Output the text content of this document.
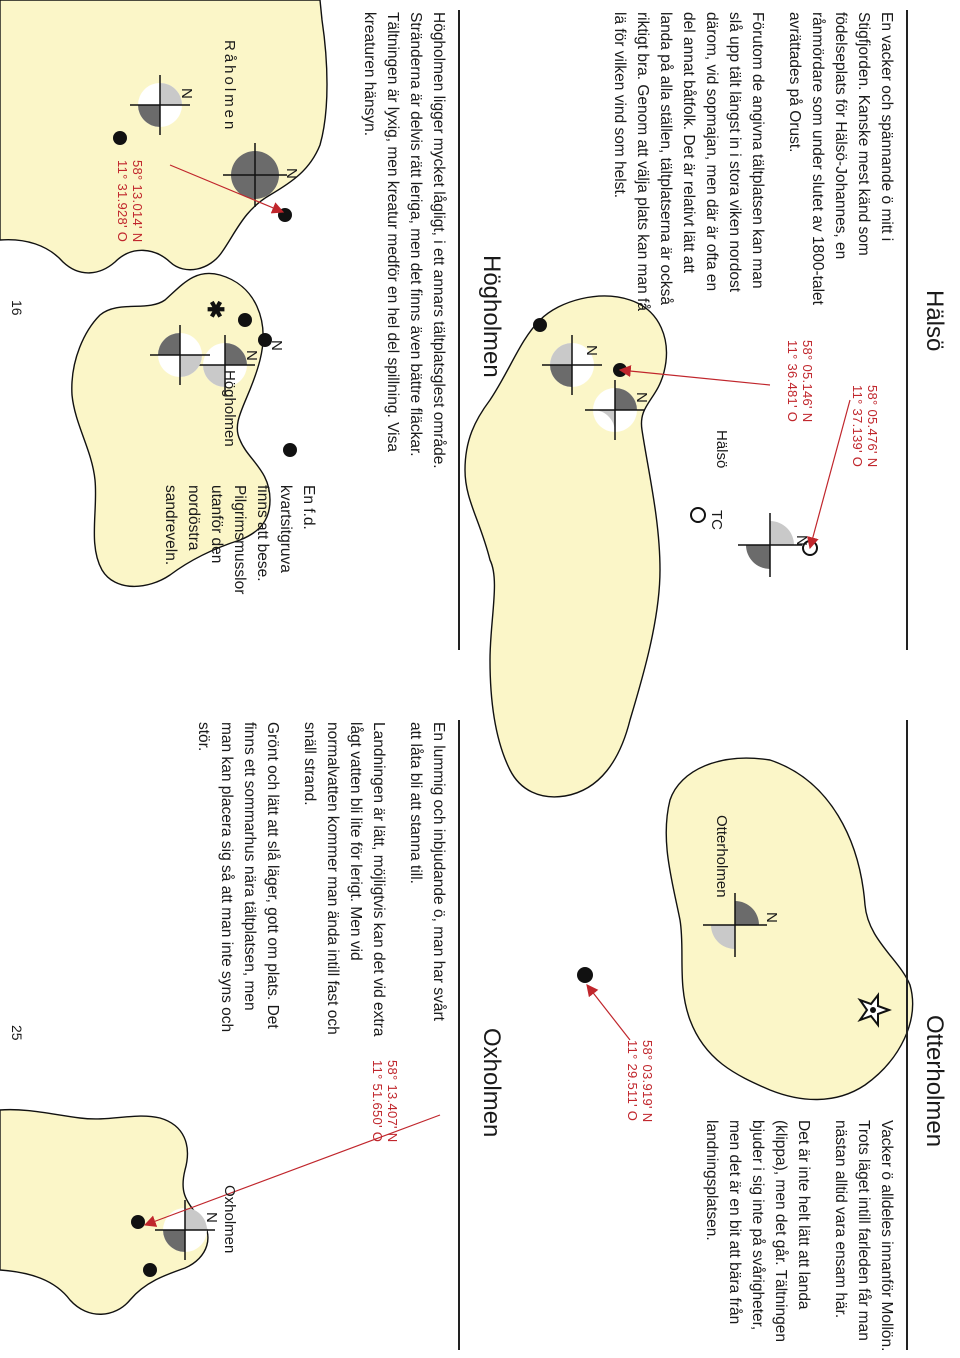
✱	Hälsö

En vacker och spännande ö mitt i Stigfjorden. Kanske mest känd som födelseplats för Hälsö-Johannes, en rånmördare som under slutet av 1800-talet avrättades på Orust.

Förutom de angivna tältplatsen kan man slå upp tält längst in i stora viken nordost därom, vid sopmajan, men där är ofta en del annat båtfolk. Det är relativt lätt att landa på alla ställen, tältplatserna är också riktigt bra. Genom att välja plats kan man få lä för vilken vind som helst.

58° 05.476' N
11° 37.139' O
58° 05.146' N
11° 36.481' O
Hälsö
TC
N
N
N
Högholmen

Högholmen ligger mycket lågligt, i ett annars tältplatsglest område. Stränderna är delvis rätt leriga, men det finns även bättre fläckar. Tältningen är lyxig, men kreatur medför en hel del spillning. Visa kreaturen hänsyn.

En f.d. kvartsitgruva finns att bese. Pilgrimsmusslor utanför den nordöstra sandreveln.

Högholmen
Råholmen
58° 13.014' N
11° 31.928' O
N
N
N
N
16
Otterholmen

Vacker ö alldeles innanför Mollön. Trots läget intill farleden får man nästan alltid vara ensam här.

Det är inte helt lätt att landa (klippa), men det går. Tältningen bjuder i sig inte på svårigheter, men det är en bit att bära från landningsplatsen.

Otterholmen
N
58° 03.919' N
11° 29.511' O
Oxholmen

En lummig och inbjudande ö, man har svårt att låta bli att stanna till.

Landningen är lätt, möjligtvis kan det vid extra lågt vatten bli lite för lerigt. Men vid normalvatten kommer man ända intill fast och snäll strand.

Grönt och lätt att slå läger, gott om plats. Det finns ett sommarhus nära tältplatsen, men man kan placera sig så att man inte syns och stör.

58° 13.407' N
11° 51.650' O
Oxholmen
N
25
